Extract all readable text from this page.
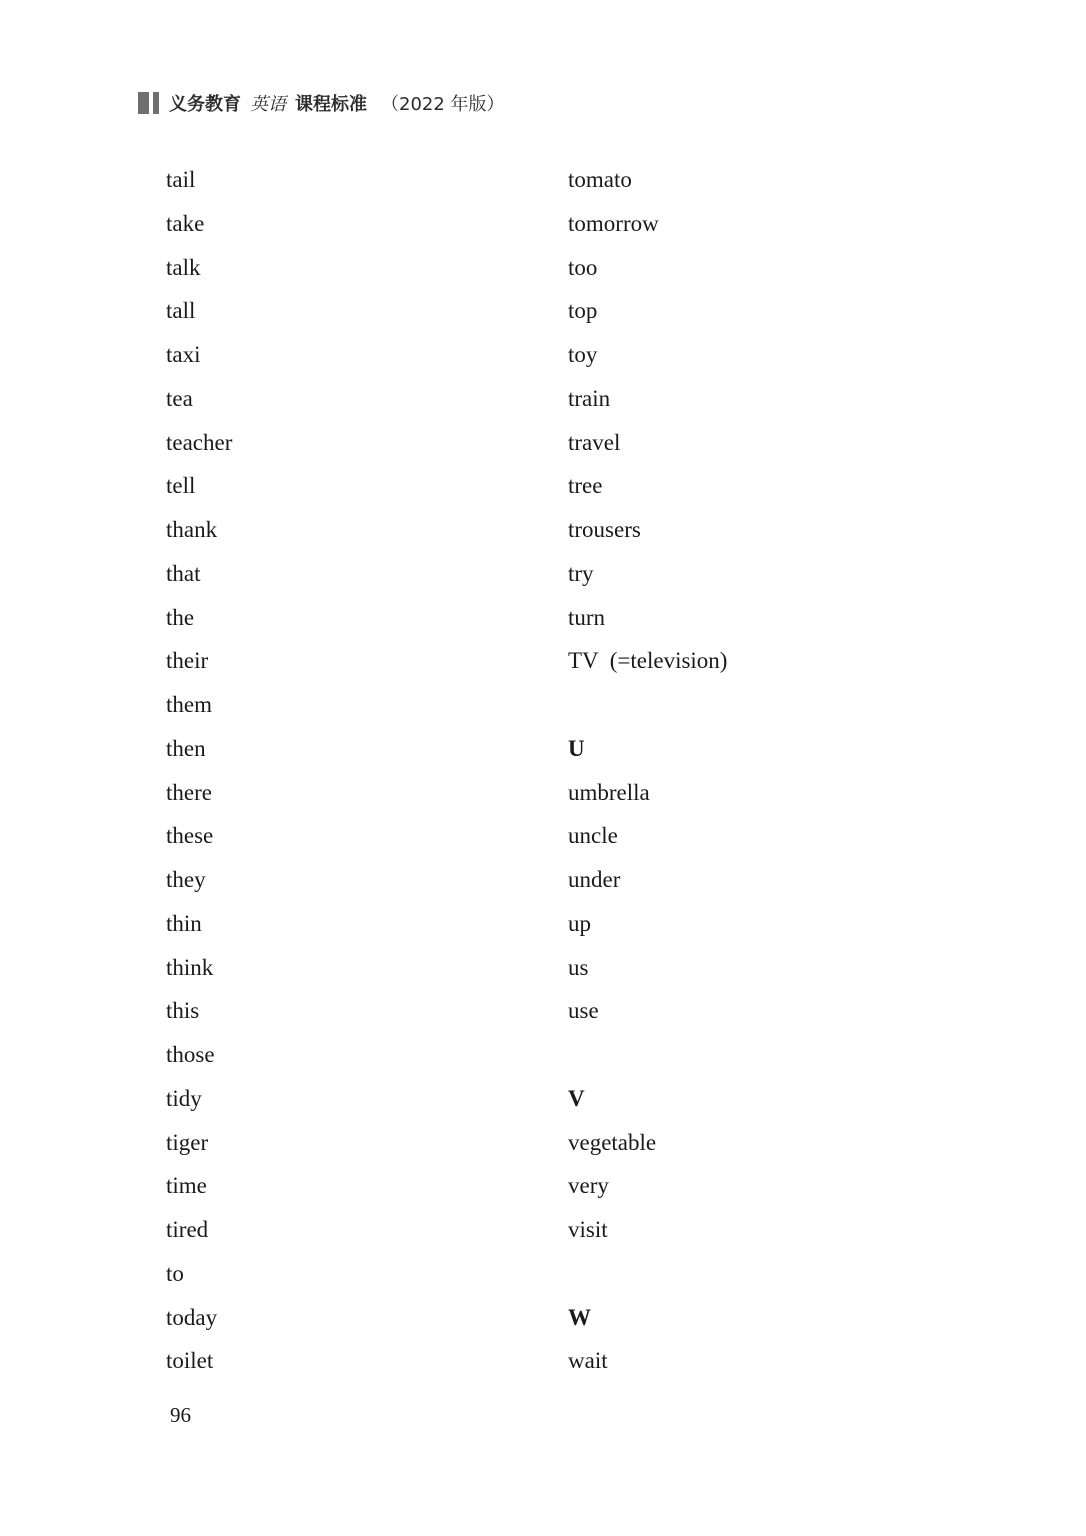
义务教育 英语 课程标准 （2022 年版）
tail
take
talk
tall
taxi
tea
teacher
tell
thank
that
the
their
them
then
there
these
they
thin
think
this
those
tidy
tiger
time
tired
to
today
toilet
tomato
tomorrow
too
top
toy
train
travel
tree
trousers
try
turn
TV  (=television)
U
umbrella
uncle
under
up
us
use
V
vegetable
very
visit
W
wait
96
